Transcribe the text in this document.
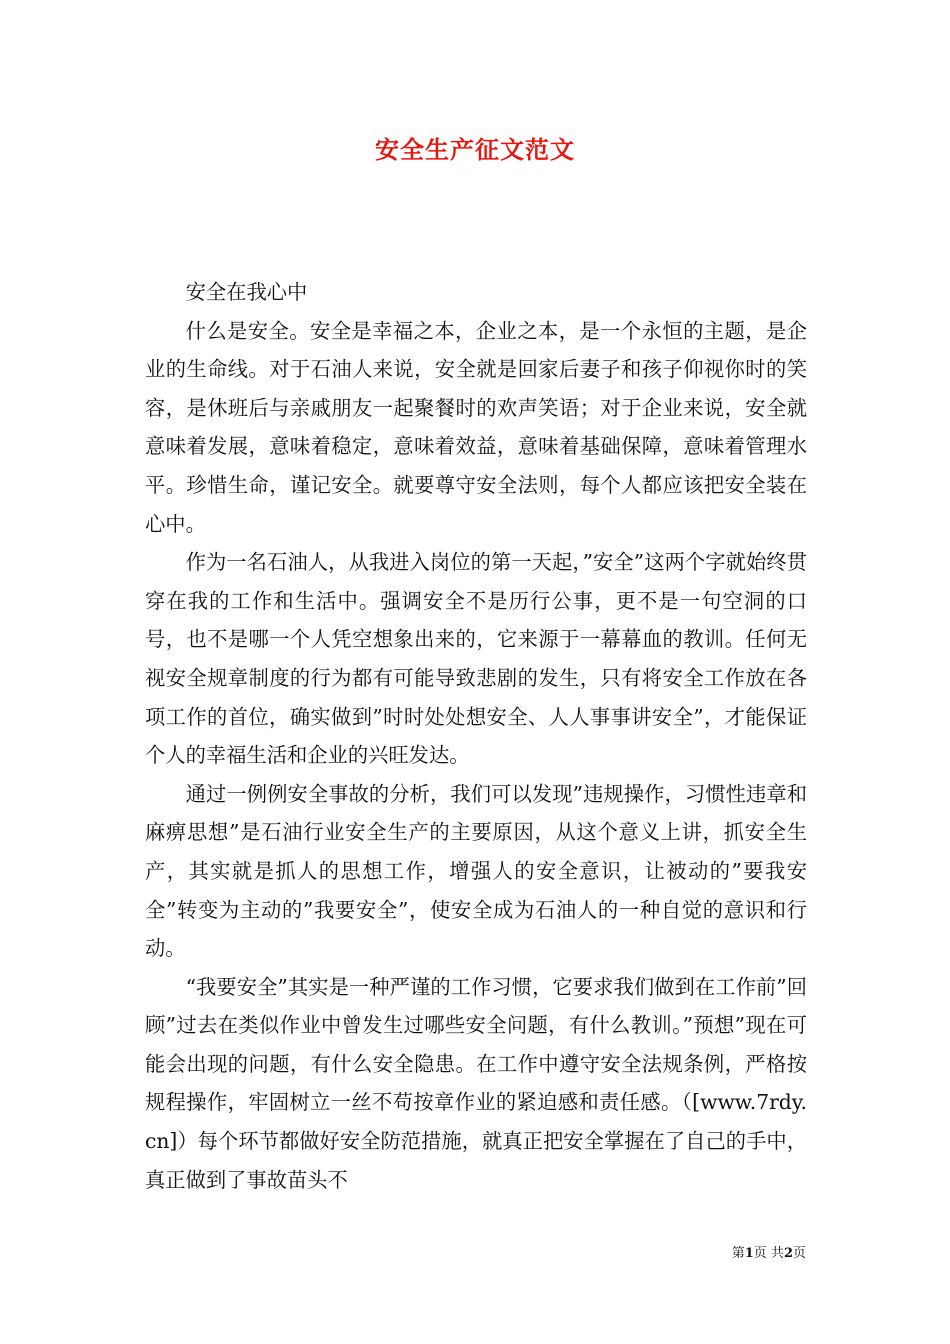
安全生产征文范文

安全在我心中

什么是安全。安全是幸福之本，企业之本，是一个永恒的主题，是企业的生命线。对于石油人来说，安全就是回家后妻子和孩子仰视你时的笑容，是休班后与亲戚朋友一起聚餐时的欢声笑语；对于企业来说，安全就意味着发展，意味着稳定，意味着效益，意味着基础保障，意味着管理水平。珍惜生命，谨记安全。就要尊守安全法则，每个人都应该把安全装在心中。

作为一名石油人，从我进入岗位的第一天起，”安全”这两个字就始终贯穿在我的工作和生活中。强调安全不是历行公事，更不是一句空洞的口号，也不是哪一个人凭空想象出来的，它来源于一幕幕血的教训。任何无视安全规章制度的行为都有可能导致悲剧的发生，只有将安全工作放在各项工作的首位，确实做到”时时处处想安全、人人事事讲安全”，才能保证个人的幸福生活和企业的兴旺发达。

通过一例例安全事故的分析，我们可以发现”违规操作，习惯性违章和麻痹思想”是石油行业安全生产的主要原因，从这个意义上讲，抓安全生产，其实就是抓人的思想工作，增强人的安全意识，让被动的”要我安全”转变为主动的”我要安全”，使安全成为石油人的一种自觉的意识和行动。

“我要安全”其实是一种严谨的工作习惯，它要求我们做到在工作前”回顾”过去在类似作业中曾发生过哪些安全问题，有什么教训。”预想”现在可能会出现的问题，有什么安全隐患。在工作中遵守安全法规条例，严格按规程操作，牢固树立一丝不苟按章作业的紧迫感和责任感。（[www.7rdy.cn]）每个环节都做好安全防范措施，就真正把安全掌握在了自己的手中，真正做到了事故苗头不

第1页 共2页
